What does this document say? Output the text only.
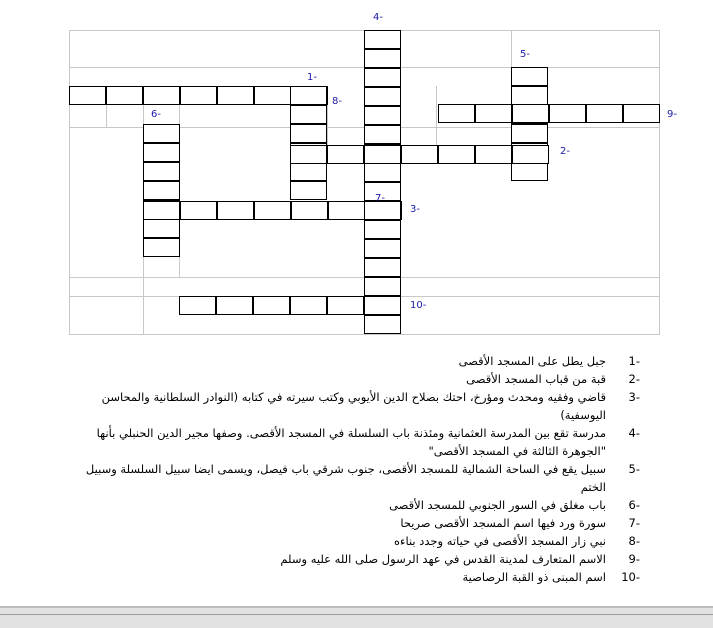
4-
5-
1-
8-
6-	9-
2-
7-
3-
10-
1-
جبل يطل على المسجد الأقصى
2-
قبة من قباب المسجد الأقصى
3-
قاضي وفقيه ومحدث ومؤرخ، احتك بصلاح الدين الأيوبي وكتب سيرته في كتابه (النوادر السلطانية والمحاسن اليوسفية)
4-
مدرسة تقع بين المدرسة العثمانية ومئذنة باب السلسلة في المسجد الأقصى. وصفها مجير الدين الحنبلي بأنها "الجوهرة الثالثة في المسجد الأقصى"
5-
سبيل يقع في الساحة الشمالية للمسجد الأقصى، جنوب شرقي باب فيصل، ويسمى ايضا سبيل السلسلة وسبيل الختم
6-
باب مغلق في السور الجنوبي للمسجد الأقصى
7-
سورة ورد فيها اسم المسجد الأقصى صريحا
8-
نبي زار المسجد الأقصى في حياته وجدد بناءه
9-
الاسم المتعارف لمدينة القدس في عهد الرسول صلى الله عليه وسلم
10-
اسم المبنى ذو القبة الرصاصية
